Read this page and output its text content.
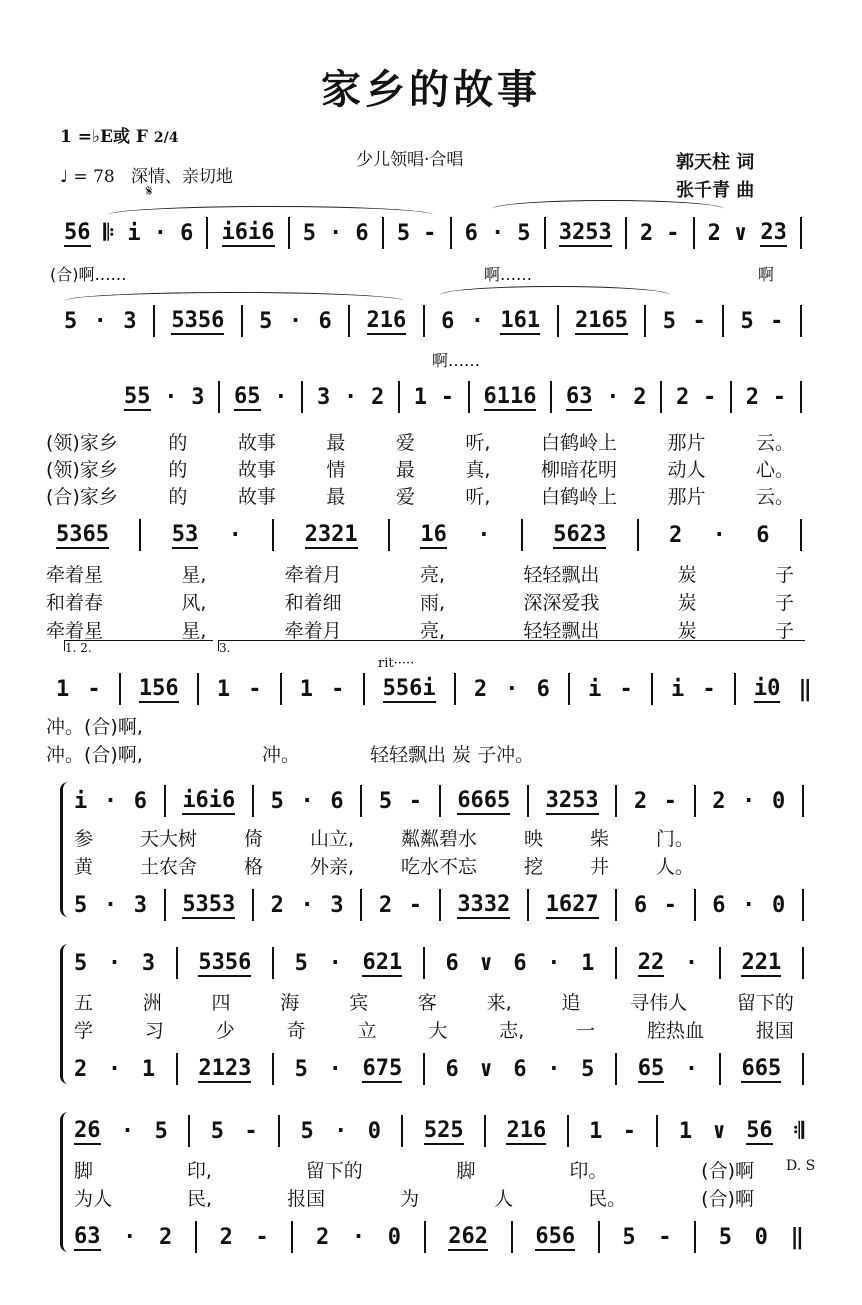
家乡的故事
1 =♭E或 F 2/4
♩ = 78 深情、亲切地
𝄋
少儿领唱·合唱	郭天柱 词
张千青 曲
56 𝄆 i · 6 i6i6 5 · 6 5 - 6 · 5 3253 2 - 2 ∨ 23
(合)啊……	啊……	啊
5 · 3 5356 5 · 6 216 6 · 161 2165 5 - 5 -
啊……
55 · 3 65 · 3 · 2 1 - 6116 63 · 2 2 - 2 -
(领)家乡	的	故事	最	爱	听,	白鹤岭上	那片	云。
(领)家乡	的	故事	情	最	真,	柳暗花明	动人	心。
(合)家乡	的	故事	最	爱	听,	白鹤岭上	那片	云。
5365	53 ·	2321	16 ·	5623	2 · 6
牵着星	星,	牵着月	亮,	轻轻飘出	炭	子
和着春	风,	和着细	雨,	深深爱我	炭	子
牵着星	星,	牵着月	亮,	轻轻飘出	炭	子
1. 2.	3.
rit·····
1 - 156 1 - 1 - 556i 2 · 6 i - i - i0 ‖
冲。(合)啊,
冲。(合)啊,	冲。	轻轻飘出 炭 子冲。
i · 6 i6i6 5 · 6 5 - 6665 3253 2 - 2 · 0
参 天大树 倚 山立, 粼粼碧水 映 柴 门。
黄 土农舍 格 外亲, 吃水不忘 挖 井 人。
5 · 3 5353 2 · 3 2 - 3332 1627 6 - 6 · 0
5 · 3 5356 5 · 621 6 ∨ 6 · 1 22 · 221
五	洲	四	海	宾	客	来,	追	寻伟人	留下的
学	习	少	奇	立	大	志,	一	腔热血	报国
2 · 1 2123 5 · 675 6 ∨ 6 · 5 65 · 665
26 · 5 5 - 5 · 0 525 216 1 - 1 ∨ 56 𝄇
脚	印,	留下的	脚	印。	(合)啊 D. S
为人	民,	报国	为	人	民。	(合)啊
63 · 2 2 - 2 · 0 262 656 5 - 5 0 ‖
